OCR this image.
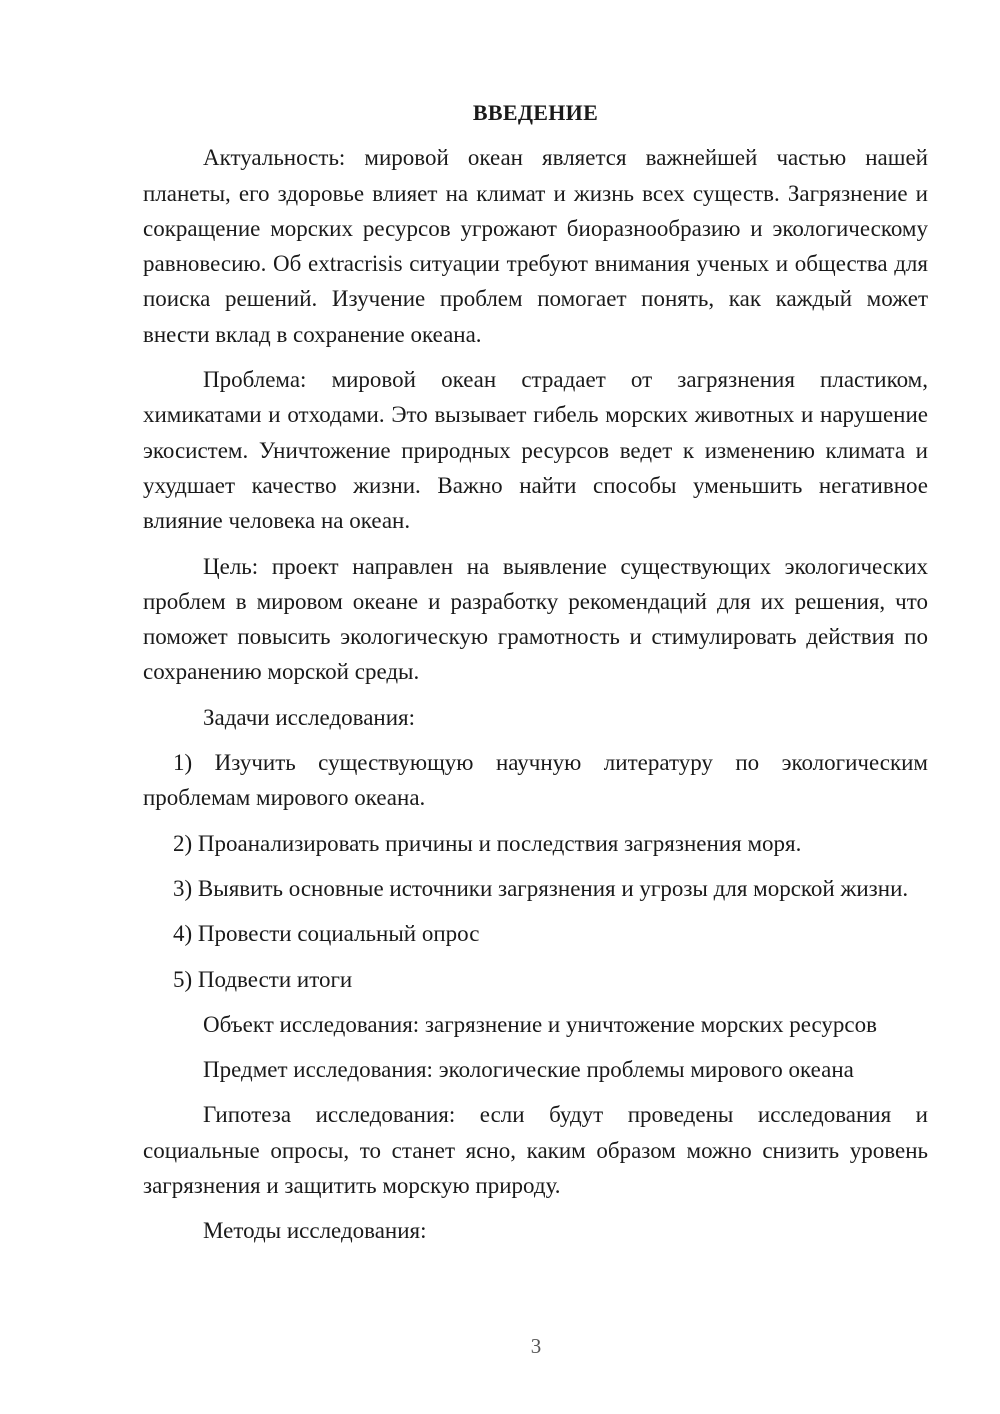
ВВЕДЕНИЕ

Актуальность: мировой океан является важнейшей частью нашей планеты, его здоровье влияет на климат и жизнь всех существ. Загрязнение и сокращение морских ресурсов угрожают биоразнообразию и экологическому равновесию. Об extracrisis ситуации требуют внимания ученых и общества для поиска решений. Изучение проблем помогает понять, как каждый может внести вклад в сохранение океана.

Проблема: мировой океан страдает от загрязнения пластиком, химикатами и отходами. Это вызывает гибель морских животных и нарушение экосистем. Уничтожение природных ресурсов ведет к изменению климата и ухудшает качество жизни. Важно найти способы уменьшить негативное влияние человека на океан.

Цель: проект направлен на выявление существующих экологических проблем в мировом океане и разработку рекомендаций для их решения, что поможет повысить экологическую грамотность и стимулировать действия по сохранению морской среды.

Задачи исследования:

1) Изучить существующую научную литературу по экологическим проблемам мирового океана.

2) Проанализировать причины и последствия загрязнения моря.

3) Выявить основные источники загрязнения и угрозы для морской жизни.

4) Провести социальный опрос

5) Подвести итоги

Объект исследования: загрязнение и уничтожение морских ресурсов

Предмет исследования: экологические проблемы мирового океана

Гипотеза исследования: если будут проведены исследования и социальные опросы, то станет ясно, каким образом можно снизить уровень загрязнения и защитить морскую природу.

Методы исследования:

3
